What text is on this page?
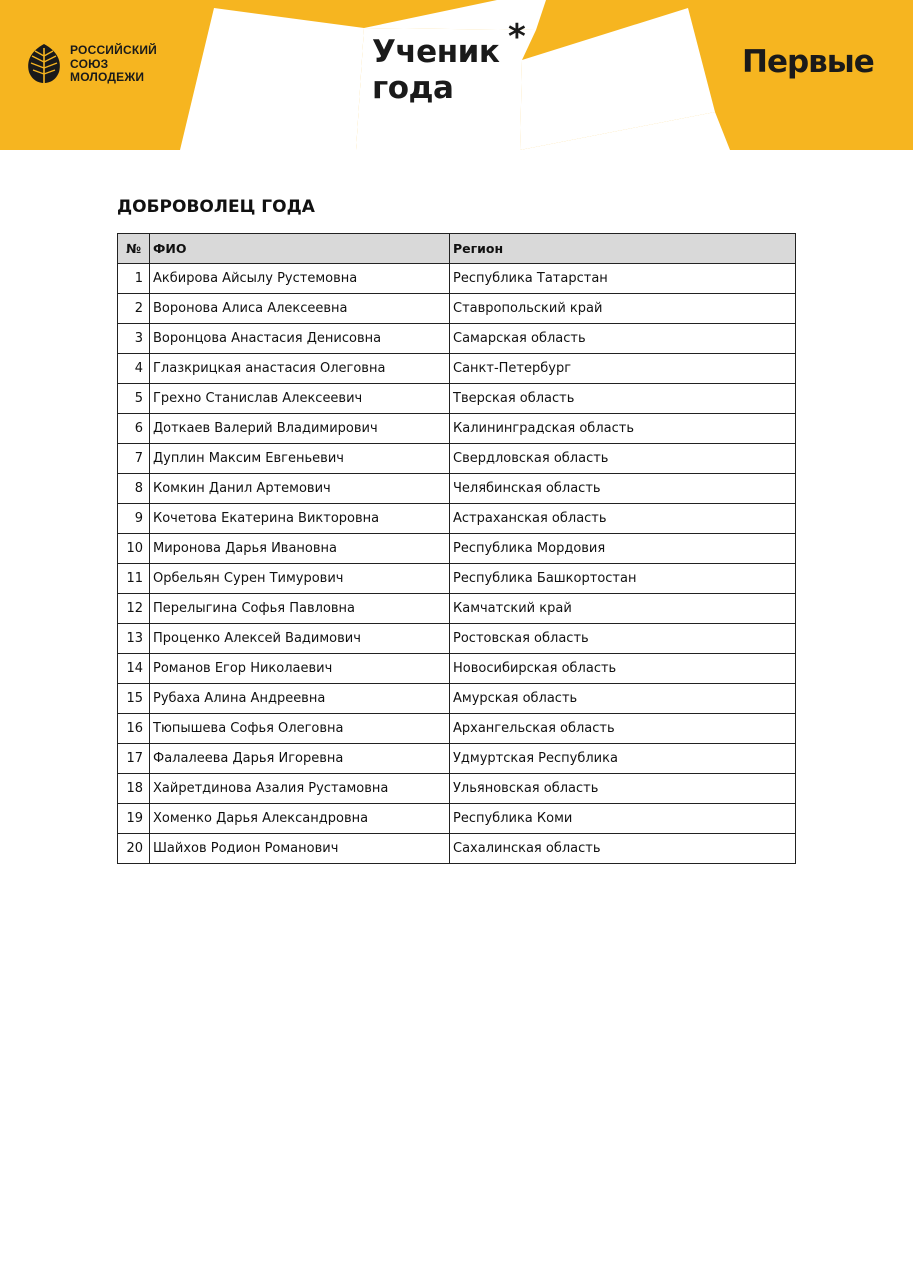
РОССИЙСКИЙ
СОЮЗ
МОЛОДЕЖИ
Ученик
года
*
Первые
ДОБРОВОЛЕЦ ГОДА
№	ФИО	Регион
1	Акбирова Айсылу Рустемовна	Республика Татарстан
2	Воронова Алиса Алексеевна	Ставропольский край
3	Воронцова Анастасия Денисовна	Самарская область
4	Глазкрицкая анастасия Олеговна	Санкт-Петербург
5	Грехно Станислав Алексеевич	Тверская область
6	Доткаев Валерий Владимирович	Калининградская область
7	Дуплин Максим Евгеньевич	Свердловская область
8	Комкин Данил Артемович	Челябинская область
9	Кочетова Екатерина Викторовна	Астраханская область
10	Миронова Дарья Ивановна	Республика Мордовия
11	Орбельян Сурен Тимурович	Республика Башкортостан
12	Перелыгина Софья Павловна	Камчатский край
13	Проценко Алексей Вадимович	Ростовская область
14	Романов Егор Николаевич	Новосибирская область
15	Рубаха Алина Андреевна	Амурская область
16	Тюпышева Софья Олеговна	Архангельская область
17	Фалалеева Дарья Игоревна	Удмуртская Республика
18	Хайретдинова Азалия Рустамовна	Ульяновская область
19	Хоменко Дарья Александровна	Республика Коми
20	Шайхов Родион Романович	Сахалинская область
